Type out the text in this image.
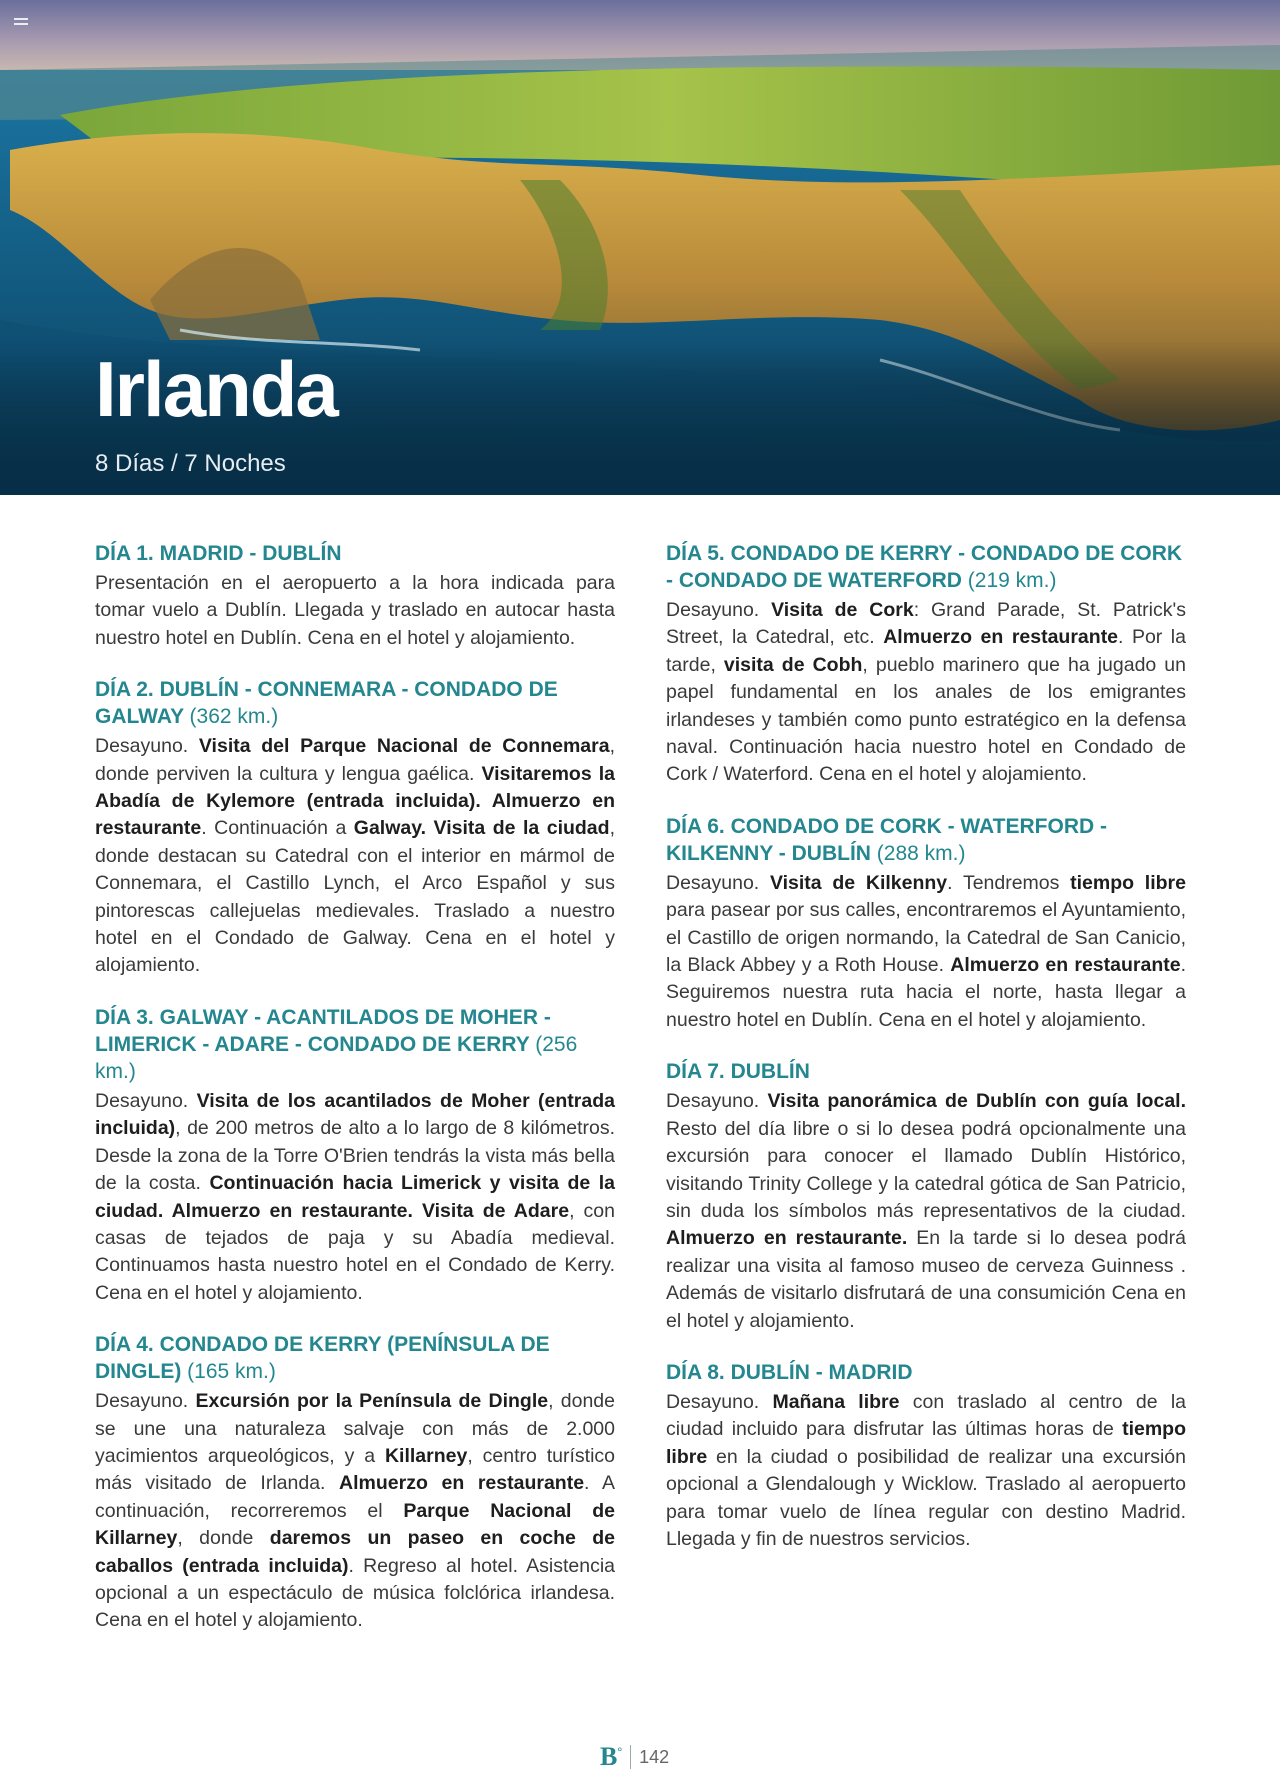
Irlanda
8 Días / 7 Noches
DÍA 1. MADRID - DUBLÍN
Presentación en el aeropuerto a la hora indicada para tomar vuelo a Dublín. Llegada y traslado en autocar hasta nuestro hotel en Dublín. Cena en el hotel y alojamiento.
DÍA 2. DUBLÍN - CONNEMARA - CONDADO DE GALWAY (362 km.)
Desayuno. Visita del Parque Nacional de Connemara, donde perviven la cultura y lengua gaélica. Visitaremos la Abadía de Kylemore (entrada incluida). Almuerzo en restaurante. Continuación a Galway. Visita de la ciudad, donde destacan su Catedral con el interior en mármol de Connemara, el Castillo Lynch, el Arco Español y sus pintorescas callejuelas medievales. Traslado a nuestro hotel en el Condado de Galway. Cena en el hotel y alojamiento.
DÍA 3. GALWAY - ACANTILADOS DE MOHER - LIMERICK - ADARE - CONDADO DE KERRY (256 km.)
Desayuno. Visita de los acantilados de Moher (entrada incluida), de 200 metros de alto a lo largo de 8 kilómetros. Desde la zona de la Torre O'Brien tendrás la vista más bella de la costa. Continuación hacia Limerick y visita de la ciudad. Almuerzo en restaurante. Visita de Adare, con casas de tejados de paja y su Abadía medieval. Continuamos hasta nuestro hotel en el Condado de Kerry. Cena en el hotel y alojamiento.
DÍA 4. CONDADO DE KERRY (PENÍNSULA DE DINGLE) (165 km.)
Desayuno. Excursión por la Península de Dingle, donde se une una naturaleza salvaje con más de 2.000 yacimientos arqueológicos, y a Killarney, centro turístico más visitado de Irlanda. Almuerzo en restaurante. A continuación, recorreremos el Parque Nacional de Killarney, donde daremos un paseo en coche de caballos (entrada incluida). Regreso al hotel. Asistencia opcional a un espectáculo de música folclórica irlandesa. Cena en el hotel y alojamiento.
DÍA 5. CONDADO DE KERRY - CONDADO DE CORK - CONDADO DE WATERFORD (219 km.)
Desayuno. Visita de Cork: Grand Parade, St. Patrick's Street, la Catedral, etc. Almuerzo en restaurante. Por la tarde, visita de Cobh, pueblo marinero que ha jugado un papel fundamental en los anales de los emigrantes irlandeses y también como punto estratégico en la defensa naval. Continuación hacia nuestro hotel en Condado de Cork / Waterford. Cena en el hotel y alojamiento.
DÍA 6. CONDADO DE CORK - WATERFORD - KILKENNY - DUBLÍN (288 km.)
Desayuno. Visita de Kilkenny. Tendremos tiempo libre para pasear por sus calles, encontraremos el Ayuntamiento, el Castillo de origen normando, la Catedral de San Canicio, la Black Abbey y a Roth House. Almuerzo en restaurante. Seguiremos nuestra ruta hacia el norte, hasta llegar a nuestro hotel en Dublín. Cena en el hotel y alojamiento.
DÍA 7. DUBLÍN
Desayuno. Visita panorámica de Dublín con guía local. Resto del día libre o si lo desea podrá opcionalmente una excursión para conocer el llamado Dublín Histórico, visitando Trinity College y la catedral gótica de San Patricio, sin duda los símbolos más representativos de la ciudad. Almuerzo en restaurante. En la tarde si lo desea podrá realizar una visita al famoso museo de cerveza Guinness . Además de visitarlo disfrutará de una consumición Cena en el hotel y alojamiento.
DÍA 8. DUBLÍN - MADRID
Desayuno. Mañana libre con traslado al centro de la ciudad incluido para disfrutar las últimas horas de tiempo libre en la ciudad o posibilidad de realizar una excursión opcional a Glendalough y Wicklow. Traslado al aeropuerto para tomar vuelo de línea regular con destino Madrid. Llegada y fin de nuestros servicios.
B° 142
